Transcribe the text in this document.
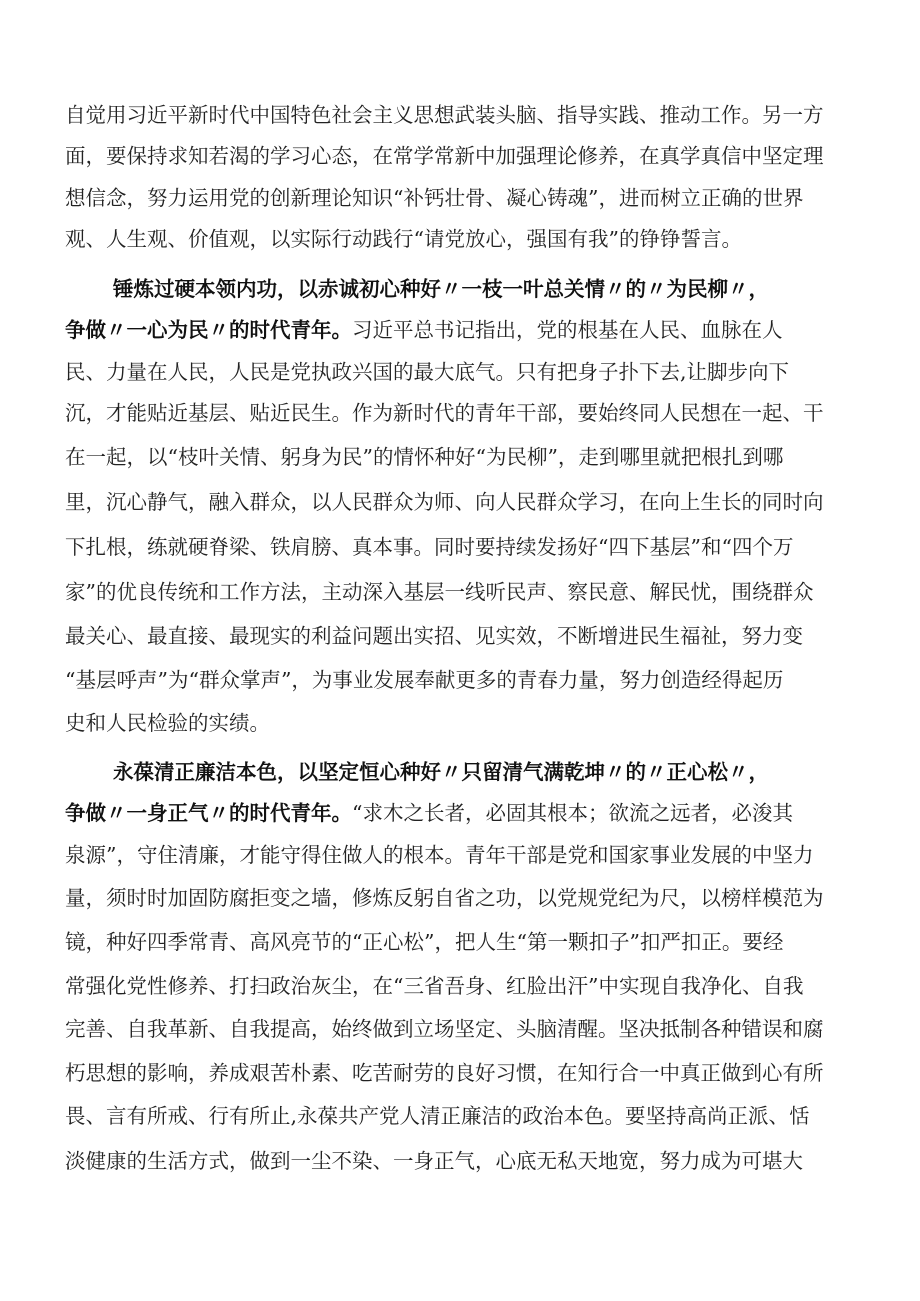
自觉用习近平新时代中国特色社会主义思想武装头脑、指导实践、推动工作。另一方
面，要保持求知若渴的学习心态，在常学常新中加强理论修养，在真学真信中坚定理
想信念，努力运用党的创新理论知识“补钙壮骨、凝心铸魂”，进而树立正确的世界
观、人生观、价值观，以实际行动践行“请党放心，强国有我”的铮铮誓言。
锤炼过硬本领内功，以赤诚初心种好〃一枝一叶总关情〃的〃为民柳〃，
争做〃一心为民〃的时代青年。习近平总书记指出，党的根基在人民、血脉在人
民、力量在人民，人民是党执政兴国的最大底气。只有把身子扑下去,让脚步向下
沉，才能贴近基层、贴近民生。作为新时代的青年干部，要始终同人民想在一起、干
在一起，以“枝叶关情、躬身为民”的情怀种好“为民柳”，走到哪里就把根扎到哪
里，沉心静气，融入群众，以人民群众为师、向人民群众学习，在向上生长的同时向
下扎根，练就硬脊梁、铁肩膀、真本事。同时要持续发扬好“四下基层”和“四个万
家”的优良传统和工作方法，主动深入基层一线听民声、察民意、解民忧，围绕群众
最关心、最直接、最现实的利益问题出实招、见实效，不断增进民生福祉，努力变
“基层呼声”为“群众掌声”，为事业发展奉献更多的青春力量，努力创造经得起历
史和人民检验的实绩。
永葆清正廉洁本色，以坚定恒心种好〃只留清气满乾坤〃的〃正心松〃，
争做〃一身正气〃的时代青年。“求木之长者，必固其根本；欲流之远者，必浚其
泉源”，守住清廉，才能守得住做人的根本。青年干部是党和国家事业发展的中坚力
量，须时时加固防腐拒变之墙，修炼反躬自省之功，以党规党纪为尺，以榜样模范为
镜，种好四季常青、高风亮节的“正心松”，把人生“第一颗扣子”扣严扣正。要经
常强化党性修养、打扫政治灰尘，在“三省吾身、红脸出汗”中实现自我净化、自我
完善、自我革新、自我提高，始终做到立场坚定、头脑清醒。坚决抵制各种错误和腐
朽思想的影响，养成艰苦朴素、吃苦耐劳的良好习惯，在知行合一中真正做到心有所
畏、言有所戒、行有所止,永葆共产党人清正廉洁的政治本色。要坚持高尚正派、恬
淡健康的生活方式，做到一尘不染、一身正气，心底无私天地宽，努力成为可堪大
